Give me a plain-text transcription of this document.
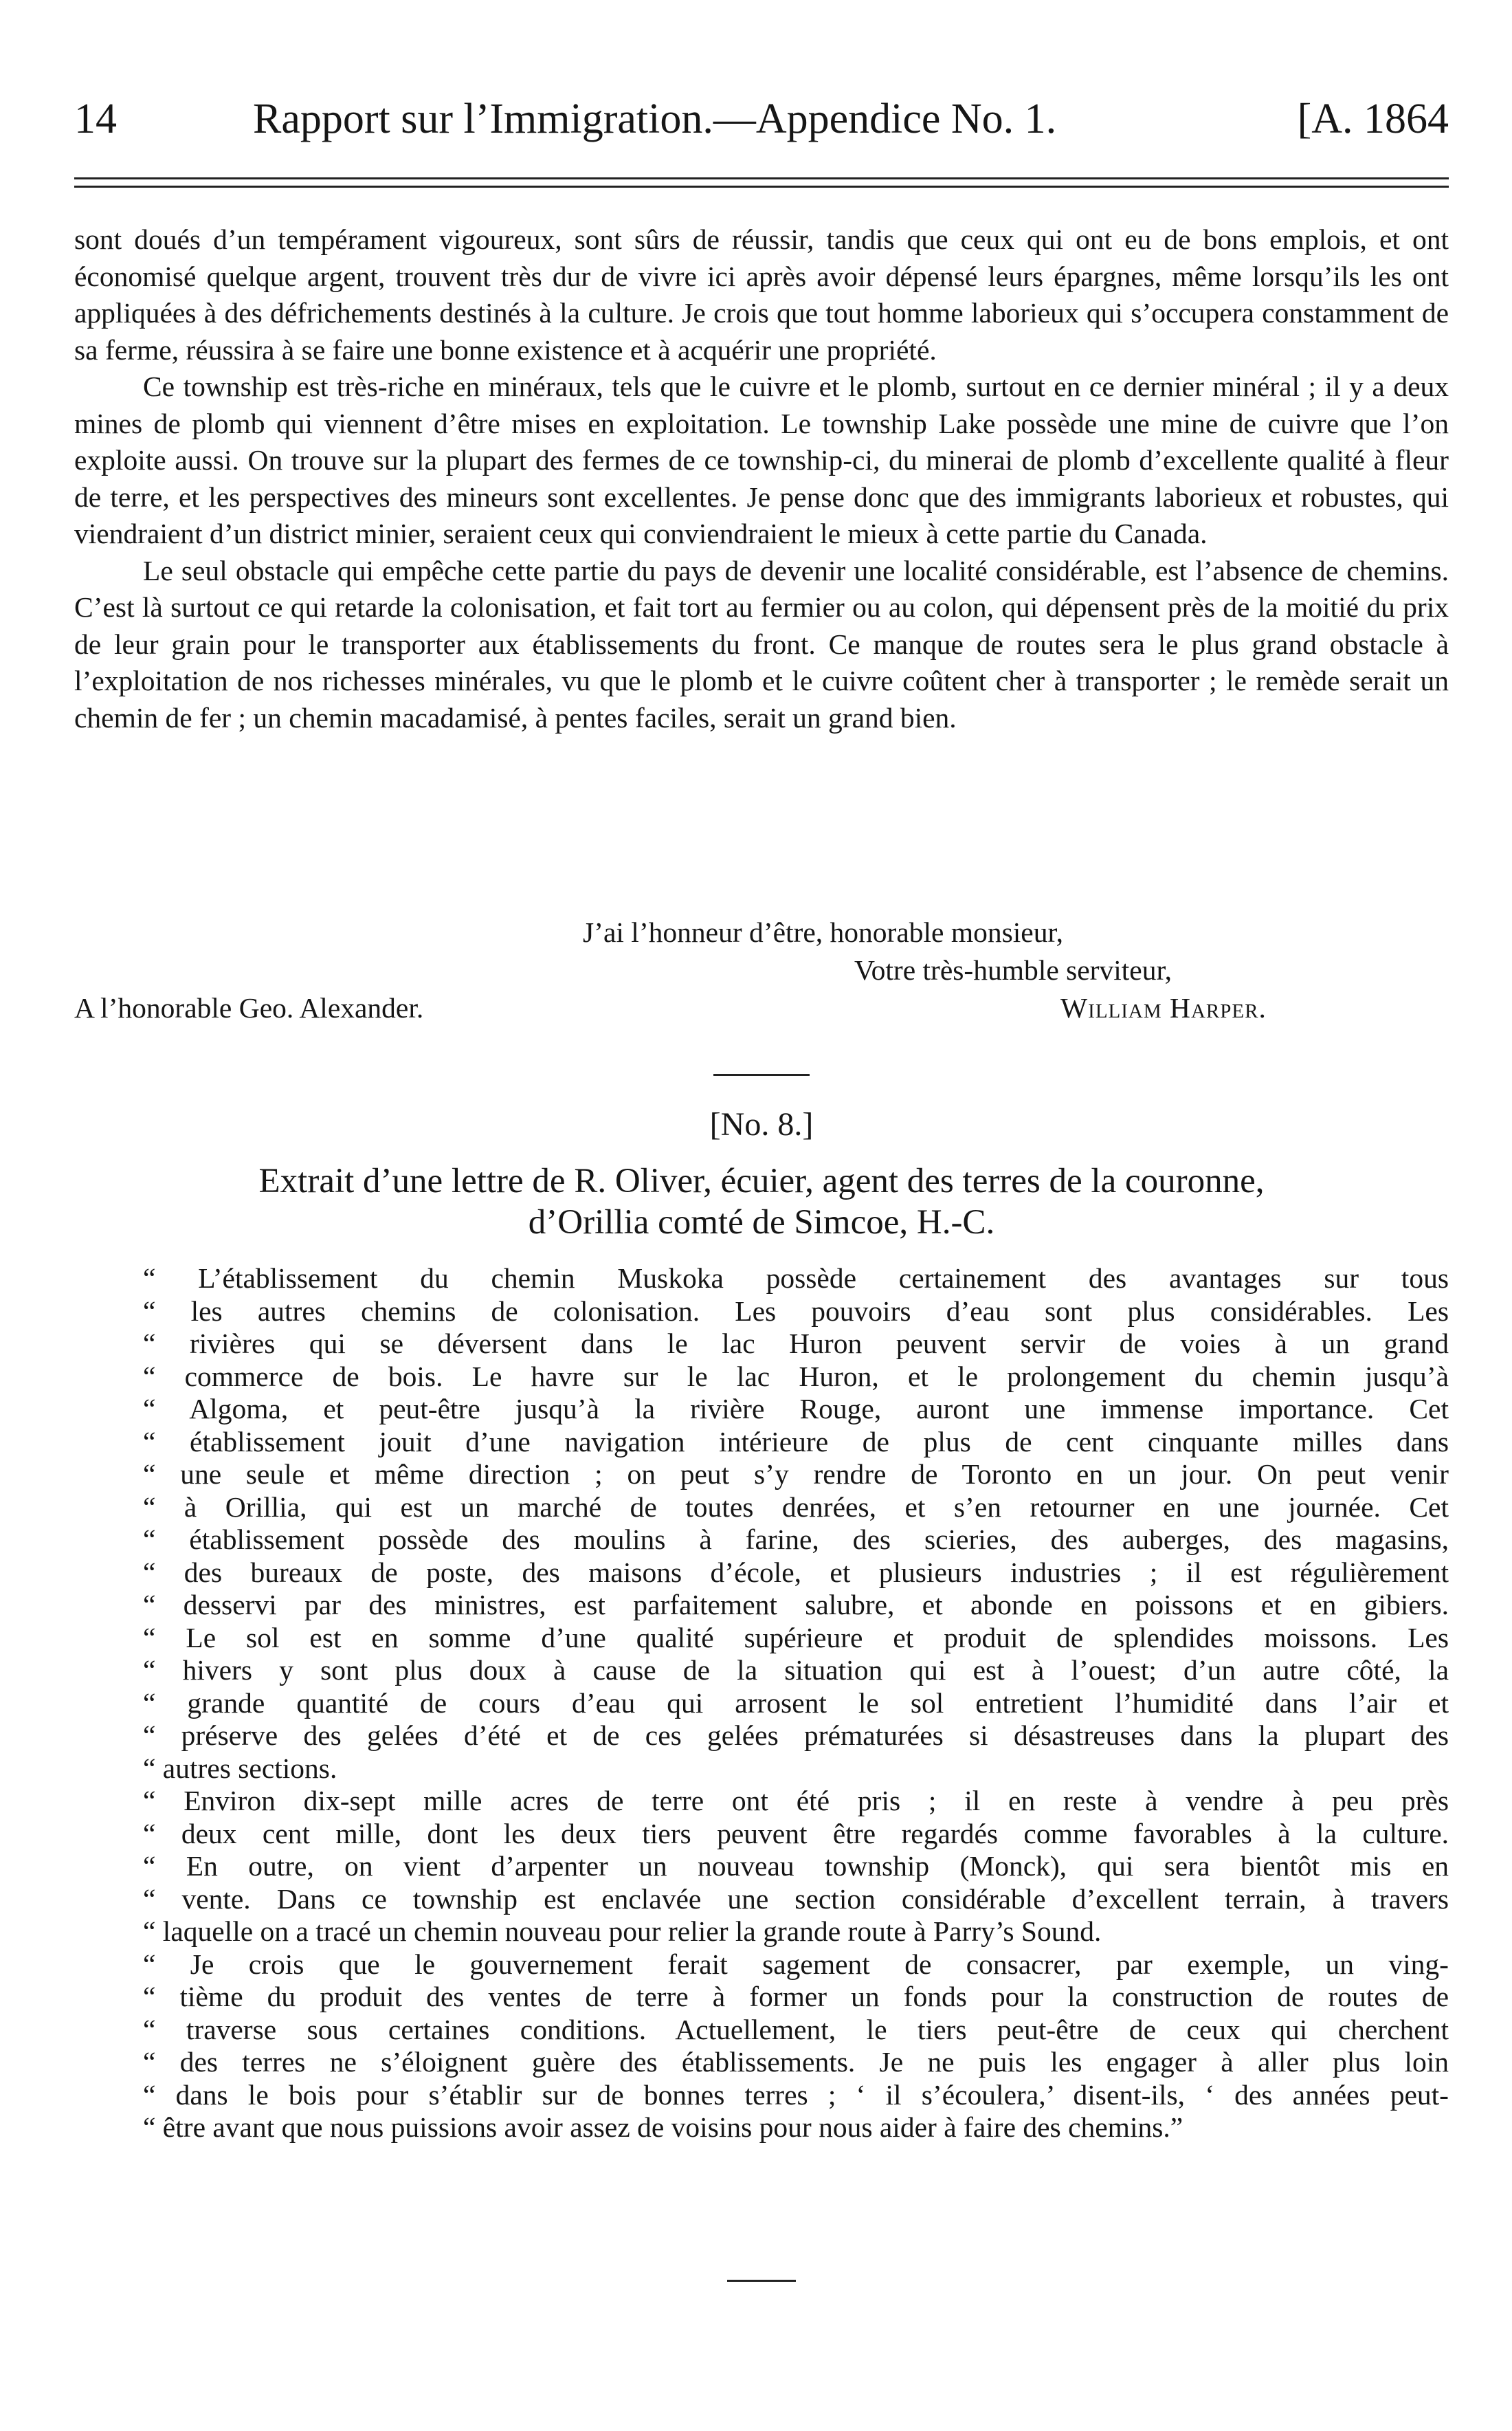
14	Rapport sur l’Immigration.—Appendice No. 1.	[A. 1864

sont doués d’un tempérament vigoureux, sont sûrs de réussir, tandis que ceux qui ont eu de bons emplois, et ont économisé quelque argent, trouvent très dur de vivre ici après avoir dépensé leurs épargnes, même lorsqu’ils les ont appliquées à des défrichements destinés à la culture. Je crois que tout homme laborieux qui s’occupera constamment de sa ferme, réussira à se faire une bonne existence et à acquérir une propriété.

Ce township est très-riche en minéraux, tels que le cuivre et le plomb, surtout en ce dernier minéral ; il y a deux mines de plomb qui viennent d’être mises en exploitation. Le township Lake possède une mine de cuivre que l’on exploite aussi. On trouve sur la plupart des fermes de ce township-ci, du minerai de plomb d’excellente qualité à fleur de terre, et les perspectives des mineurs sont excellentes. Je pense donc que des immigrants laborieux et robustes, qui viendraient d’un district minier, seraient ceux qui conviendraient le mieux à cette partie du Canada.

Le seul obstacle qui empêche cette partie du pays de devenir une localité considérable, est l’absence de chemins. C’est là surtout ce qui retarde la colonisation, et fait tort au fermier ou au colon, qui dépensent près de la moitié du prix de leur grain pour le transporter aux établissements du front. Ce manque de routes sera le plus grand obstacle à l’exploitation de nos richesses minérales, vu que le plomb et le cuivre coûtent cher à transporter ; le remède serait un chemin de fer ; un chemin macadamisé, à pentes faciles, serait un grand bien.

J’ai l’honneur d’être, honorable monsieur,
Votre très-humble serviteur,
A l’honorable Geo. Alexander.	William Harper.
[No. 8.]
Extrait d’une lettre de R. Oliver, écuier, agent des terres de la couronne,
d’Orillia comté de Simcoe, H.-C.

“ L’établissement du chemin Muskoka possède certainement des avantages sur tous
“ les autres chemins de colonisation. Les pouvoirs d’eau sont plus considérables. Les
“ rivières qui se déversent dans le lac Huron peuvent servir de voies à un grand
“ commerce de bois. Le havre sur le lac Huron, et le prolongement du chemin jusqu’à
“ Algoma, et peut-être jusqu’à la rivière Rouge, auront une immense importance. Cet
“ établissement jouit d’une navigation intérieure de plus de cent cinquante milles dans
“ une seule et même direction ; on peut s’y rendre de Toronto en un jour. On peut venir
“ à Orillia, qui est un marché de toutes denrées, et s’en retourner en une journée. Cet
“ établissement possède des moulins à farine, des scieries, des auberges, des magasins,
“ des bureaux de poste, des maisons d’école, et plusieurs industries ; il est régulièrement
“ desservi par des ministres, est parfaitement salubre, et abonde en poissons et en gibiers.
“ Le sol est en somme d’une qualité supérieure et produit de splendides moissons. Les
“ hivers y sont plus doux à cause de la situation qui est à l’ouest; d’un autre côté, la
“ grande quantité de cours d’eau qui arrosent le sol entretient l’humidité dans l’air et
“ préserve des gelées d’été et de ces gelées prématurées si désastreuses dans la plupart des
“ autres sections.

“ Environ dix-sept mille acres de terre ont été pris ; il en reste à vendre à peu près
“ deux cent mille, dont les deux tiers peuvent être regardés comme favorables à la culture.
“ En outre, on vient d’arpenter un nouveau township (Monck), qui sera bientôt mis en
“ vente. Dans ce township est enclavée une section considérable d’excellent terrain, à travers
“ laquelle on a tracé un chemin nouveau pour relier la grande route à Parry’s Sound.

“ Je crois que le gouvernement ferait sagement de consacrer, par exemple, un ving-
“ tième du produit des ventes de terre à former un fonds pour la construction de routes de
“ traverse sous certaines conditions. Actuellement, le tiers peut-être de ceux qui cherchent
“ des terres ne s’éloignent guère des établissements. Je ne puis les engager à aller plus loin
“ dans le bois pour s’établir sur de bonnes terres ; ‘ il s’écoulera,’ disent-ils, ‘ des années peut-
“ être avant que nous puissions avoir assez de voisins pour nous aider à faire des chemins.”
